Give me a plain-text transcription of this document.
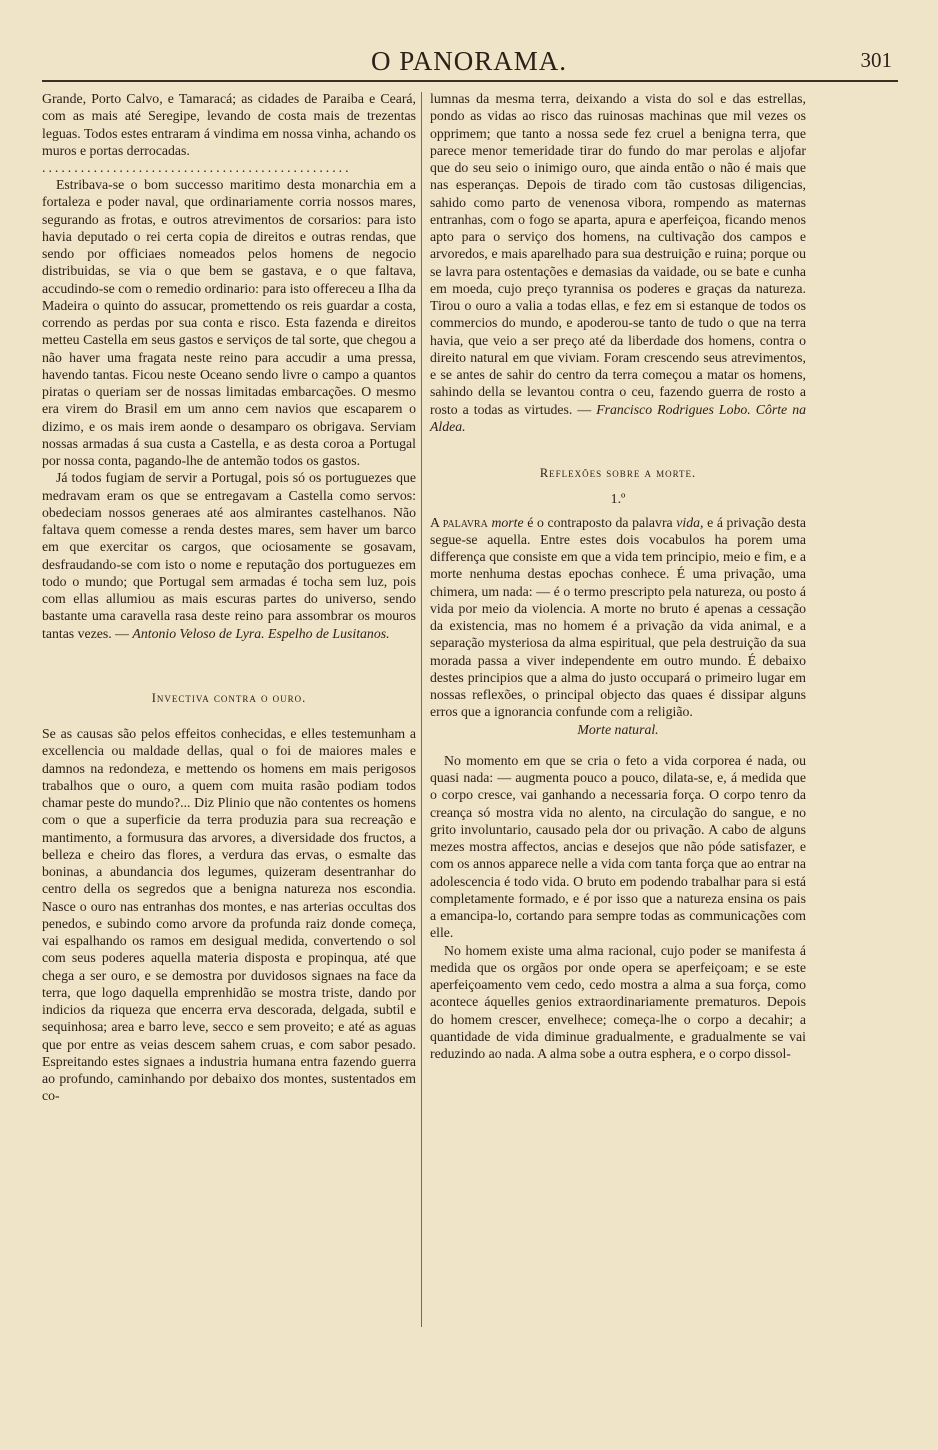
O PANORAMA.	301

Grande, Porto Calvo, e Tamaracá; as cidades de Paraiba e Ceará, com as mais até Seregipe, levando de costa mais de trezentas leguas. Todos estes entraram á vindima em nossa vinha, achando os muros e portas derrocadas.

................................................

Estribava-se o bom successo maritimo desta monarchia em a fortaleza e poder naval, que ordinariamente corria nossos mares, segurando as frotas, e outros atrevimentos de corsarios: para isto havia deputado o rei certa copia de direitos e outras rendas, que sendo por officiaes nomeados pelos homens de negocio distribuidas, se via o que bem se gastava, e o que faltava, accudindo-se com o remedio ordinario: para isto offereceu a Ilha da Madeira o quinto do assucar, promettendo os reis guardar a costa, correndo as perdas por sua conta e risco. Esta fazenda e direitos metteu Castella em seus gastos e serviços de tal sorte, que chegou a não haver uma fragata neste reino para accudir a uma pressa, havendo tantas. Ficou neste Oceano sendo livre o campo a quantos piratas o queriam ser de nossas limitadas embarcações. O mesmo era virem do Brasil em um anno cem navios que escaparem o dizimo, e os mais irem aonde o desamparo os obrigava. Serviam nossas armadas á sua custa a Castella, e as desta coroa a Portugal por nossa conta, pagando-lhe de antemão todos os gastos.

Já todos fugiam de servir a Portugal, pois só os portuguezes que medravam eram os que se entregavam a Castella como servos: obedeciam nossos generaes até aos almirantes castelhanos. Não faltava quem comesse a renda destes mares, sem haver um barco em que exercitar os cargos, que ociosamente se gosavam, desfraudando-se com isto o nome e reputação dos portuguezes em todo o mundo; que Portugal sem armadas é tocha sem luz, pois com ellas allumiou as mais escuras partes do universo, sendo bastante uma caravella rasa deste reino para assombrar os mouros tantas vezes. — Antonio Veloso de Lyra. Espelho de Lusitanos.

Invectiva contra o ouro.

Se as causas são pelos effeitos conhecidas, e elles testemunham a excellencia ou maldade dellas, qual o foi de maiores males e damnos na redondeza, e mettendo os homens em mais perigosos trabalhos que o ouro, a quem com muita rasão podiam todos chamar peste do mundo?... Diz Plinio que não contentes os homens com o que a superficie da terra produzia para sua recreação e mantimento, a formusura das arvores, a diversidade dos fructos, a belleza e cheiro das flores, a verdura das ervas, o esmalte das boninas, a abundancia dos legumes, quizeram desentranhar do centro della os segredos que a benigna natureza nos escondia. Nasce o ouro nas entranhas dos montes, e nas arterias occultas dos penedos, e subindo como arvore da profunda raiz donde começa, vai espalhando os ramos em desigual medida, convertendo o sol com seus poderes aquella materia disposta e propinqua, até que chega a ser ouro, e se demostra por duvidosos signaes na face da terra, que logo daquella emprenhidão se mostra triste, dando por indicios da riqueza que encerra erva descorada, delgada, subtil e sequinhosa; area e barro leve, secco e sem proveito; e até as aguas que por entre as veias descem sahem cruas, e com sabor pesado. Espreitando estes signaes a industria humana entra fazendo guerra ao profundo, caminhando por debaixo dos montes, sustentados em co-

lumnas da mesma terra, deixando a vista do sol e das estrellas, pondo as vidas ao risco das ruinosas machinas que mil vezes os opprimem; que tanto a nossa sede fez cruel a benigna terra, que parece menor temeridade tirar do fundo do mar perolas e aljofar que do seu seio o inimigo ouro, que ainda então o não é mais que nas esperanças. Depois de tirado com tão custosas diligencias, sahido como parto de venenosa vibora, rompendo as maternas entranhas, com o fogo se aparta, apura e aperfeiçoa, ficando menos apto para o serviço dos homens, na cultivação dos campos e arvoredos, e mais aparelhado para sua destruição e ruina; porque ou se lavra para ostentações e demasias da vaidade, ou se bate e cunha em moeda, cujo preço tyrannisa os poderes e graças da natureza. Tirou o ouro a valia a todas ellas, e fez em si estanque de todos os commercios do mundo, e apoderou-se tanto de tudo o que na terra havia, que veio a ser preço até da liberdade dos homens, contra o direito natural em que viviam. Foram crescendo seus atrevimentos, e se antes de sahir do centro da terra começou a matar os homens, sahindo della se levantou contra o ceu, fazendo guerra de rosto a rosto a todas as virtudes. — Francisco Rodrigues Lobo. Côrte na Aldea.

Reflexões sobre a morte.

1.º

A palavra morte é o contraposto da palavra vida, e á privação desta segue-se aquella. Entre estes dois vocabulos ha porem uma differença que consiste em que a vida tem principio, meio e fim, e a morte nenhuma destas epochas conhece. É uma privação, uma chimera, um nada: — é o termo prescripto pela natureza, ou posto á vida por meio da violencia. A morte no bruto é apenas a cessação da existencia, mas no homem é a privação da vida animal, e a separação mysteriosa da alma espiritual, que pela destruição da sua morada passa a viver independente em outro mundo. É debaixo destes principios que a alma do justo occupará o primeiro lugar em nossas reflexões, o principal objecto das quaes é dissipar alguns erros que a ignorancia confunde com a religião.

Morte natural.

No momento em que se cria o feto a vida corporea é nada, ou quasi nada: — augmenta pouco a pouco, dilata-se, e, á medida que o corpo cresce, vai ganhando a necessaria força. O corpo tenro da creança só mostra vida no alento, na circulação do sangue, e no grito involuntario, causado pela dor ou privação. A cabo de alguns mezes mostra affectos, ancias e desejos que não póde satisfazer, e com os annos apparece nelle a vida com tanta força que ao entrar na adolescencia é todo vida. O bruto em podendo trabalhar para si está completamente formado, e é por isso que a natureza ensina os pais a emancipa-lo, cortando para sempre todas as communicações com elle.

No homem existe uma alma racional, cujo poder se manifesta á medida que os orgãos por onde opera se aperfeiçoam; e se este aperfeiçoamento vem cedo, cedo mostra a alma a sua força, como acontece áquelles genios extraordinariamente prematuros. Depois do homem crescer, envelhece; começa-lhe o corpo a decahir; a quantidade de vida diminue gradualmente, e gradualmente se vai reduzindo ao nada. A alma sobe a outra esphera, e o corpo dissol-
